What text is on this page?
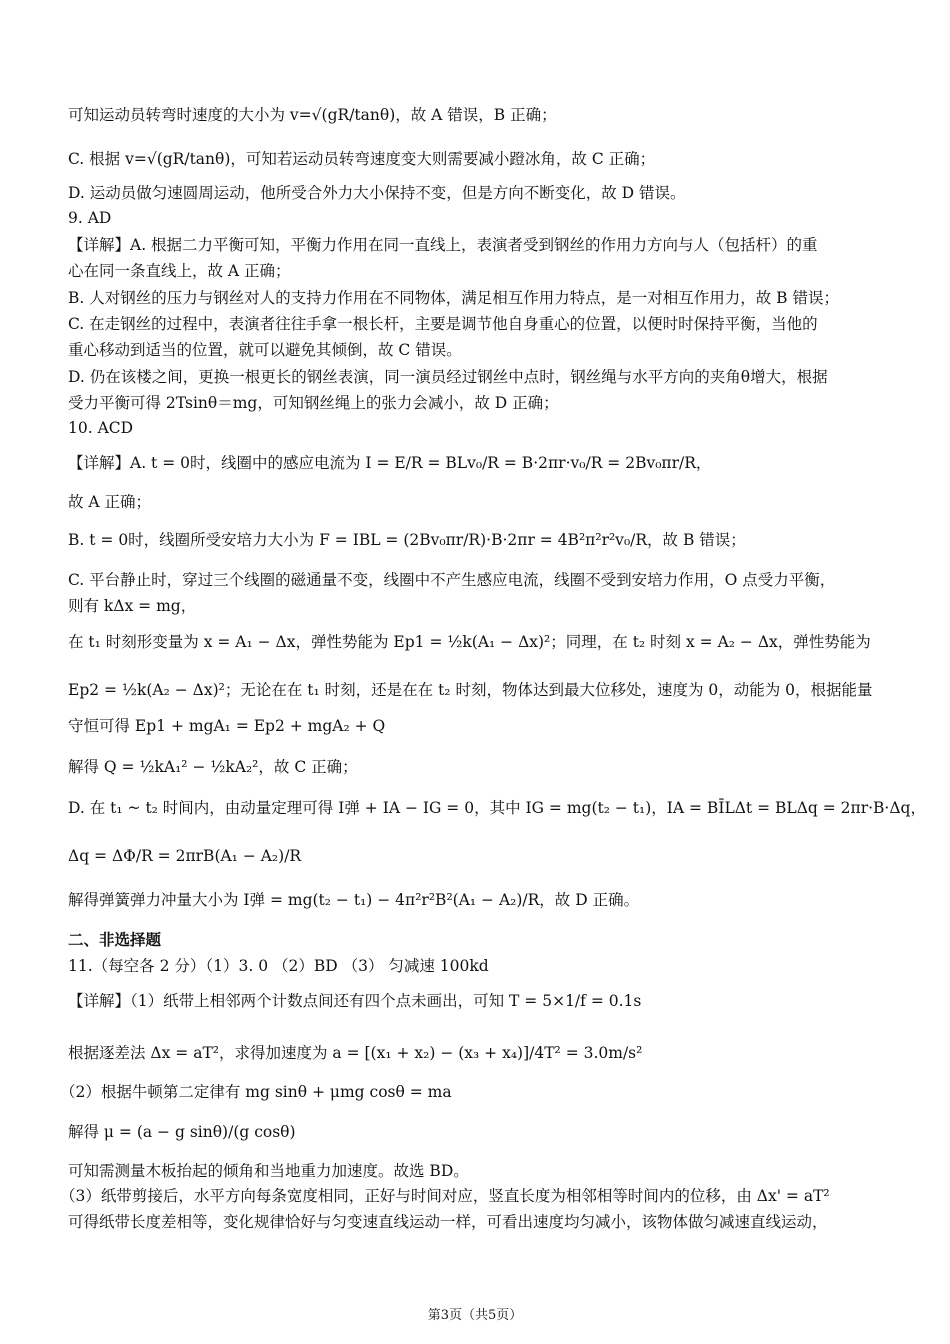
可知运动员转弯时速度的大小为 v=√(gR/tanθ)，故 A 错误，B 正确；
C. 根据 v=√(gR/tanθ)，可知若运动员转弯速度变大则需要减小蹬冰角，故 C 正确；
D. 运动员做匀速圆周运动，他所受合外力大小保持不变，但是方向不断变化，故 D 错误。
9. AD
【详解】A. 根据二力平衡可知，平衡力作用在同一直线上，表演者受到钢丝的作用力方向与人（包括杆）的重
心在同一条直线上，故 A 正确；
B. 人对钢丝的压力与钢丝对人的支持力作用在不同物体，满足相互作用力特点，是一对相互作用力，故 B 错误；
C. 在走钢丝的过程中，表演者往往手拿一根长杆，主要是调节他自身重心的位置，以便时时保持平衡，当他的
重心移动到适当的位置，就可以避免其倾倒，故 C 错误。
D. 仍在该楼之间，更换一根更长的钢丝表演，同一演员经过钢丝中点时，钢丝绳与水平方向的夹角θ增大，根据
受力平衡可得 2Tsinθ＝mg，可知钢丝绳上的张力会减小，故 D 正确；
10. ACD
【详解】A. t = 0时，线圈中的感应电流为 I = E/R = BLv₀/R = B·2πr·v₀/R = 2Bv₀πr/R，
故 A 正确；
B. t = 0时，线圈所受安培力大小为 F = IBL = (2Bv₀πr/R)·B·2πr = 4B²π²r²v₀/R，故 B 错误；
C. 平台静止时，穿过三个线圈的磁通量不变，线圈中不产生感应电流，线圈不受到安培力作用，O 点受力平衡，
则有 kΔx = mg，
在 t₁ 时刻形变量为 x = A₁ − Δx，弹性势能为 Ep1 = ½k(A₁ − Δx)²；同理，在 t₂ 时刻 x = A₂ − Δx，弹性势能为
Ep2 = ½k(A₂ − Δx)²；无论在在 t₁ 时刻，还是在在 t₂ 时刻，物体达到最大位移处，速度为 0，动能为 0，根据能量
守恒可得 Ep1 + mgA₁ = Ep2 + mgA₂ + Q
解得 Q = ½kA₁² − ½kA₂²，故 C 正确；
D. 在 t₁ ~ t₂ 时间内，由动量定理可得 I弹 + IA − IG = 0，其中 IG = mg(t₂ − t₁)，IA = BĪLΔt = BLΔq = 2πr·B·Δq，
Δq = ΔΦ/R = 2πrB(A₁ − A₂)/R
解得弹簧弹力冲量大小为 I弹 = mg(t₂ − t₁) − 4π²r²B²(A₁ − A₂)/R，故 D 正确。
二、非选择题
11.（每空各 2 分）（1）3. 0 （2）BD （3） 匀减速 100kd
【详解】（1）纸带上相邻两个计数点间还有四个点未画出，可知 T = 5×1/f = 0.1s
根据逐差法 Δx = aT²，求得加速度为 a = [(x₁ + x₂) − (x₃ + x₄)]/4T² = 3.0m/s²
（2）根据牛顿第二定律有 mg sinθ + μmg cosθ = ma
解得 μ = (a − g sinθ)/(g cosθ)
可知需测量木板抬起的倾角和当地重力加速度。故选 BD。
（3）纸带剪接后，水平方向每条宽度相同，正好与时间对应，竖直长度为相邻相等时间内的位移，由 Δx' = aT²
可得纸带长度差相等，变化规律恰好与匀变速直线运动一样，可看出速度均匀减小，该物体做匀减速直线运动，
第3页（共5页）
